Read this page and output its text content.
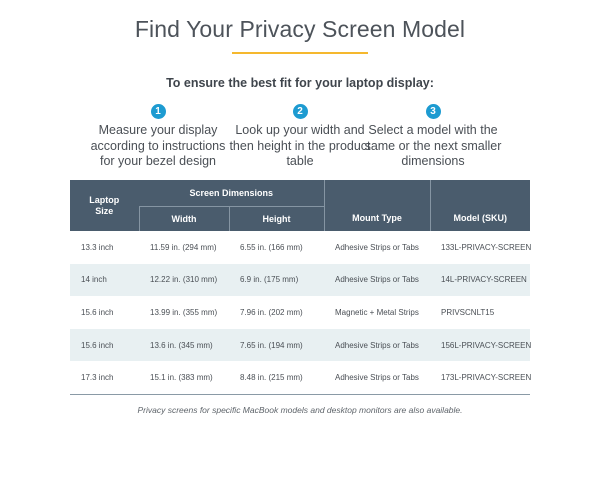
Find Your Privacy Screen Model
To ensure the best fit for your laptop display:
1
Measure your display according to instructions for your bezel design
2
Look up your width and then height in the product table
3
Select a model with the same or the next smaller dimensions
Laptop Size	Screen Dimensions		Mount Type	Model (SKU)
	Width	Height		
13.3 inch	11.59 in. (294 mm)	6.55 in. (166 mm)	Adhesive Strips or Tabs	133L-PRIVACY-SCREEN
14 inch	12.22 in. (310 mm)	6.9 in. (175 mm)	Adhesive Strips or Tabs	14L-PRIVACY-SCREEN
15.6 inch	13.99 in. (355 mm)	7.96 in. (202 mm)	Magnetic + Metal Strips	PRIVSCNLT15
15.6 inch	13.6 in. (345 mm)	7.65 in. (194 mm)	Adhesive Strips or Tabs	156L-PRIVACY-SCREEN
17.3 inch	15.1 in. (383 mm)	8.48 in. (215 mm)	Adhesive Strips or Tabs	173L-PRIVACY-SCREEN
Privacy screens for specific MacBook models and desktop monitors are also available.
